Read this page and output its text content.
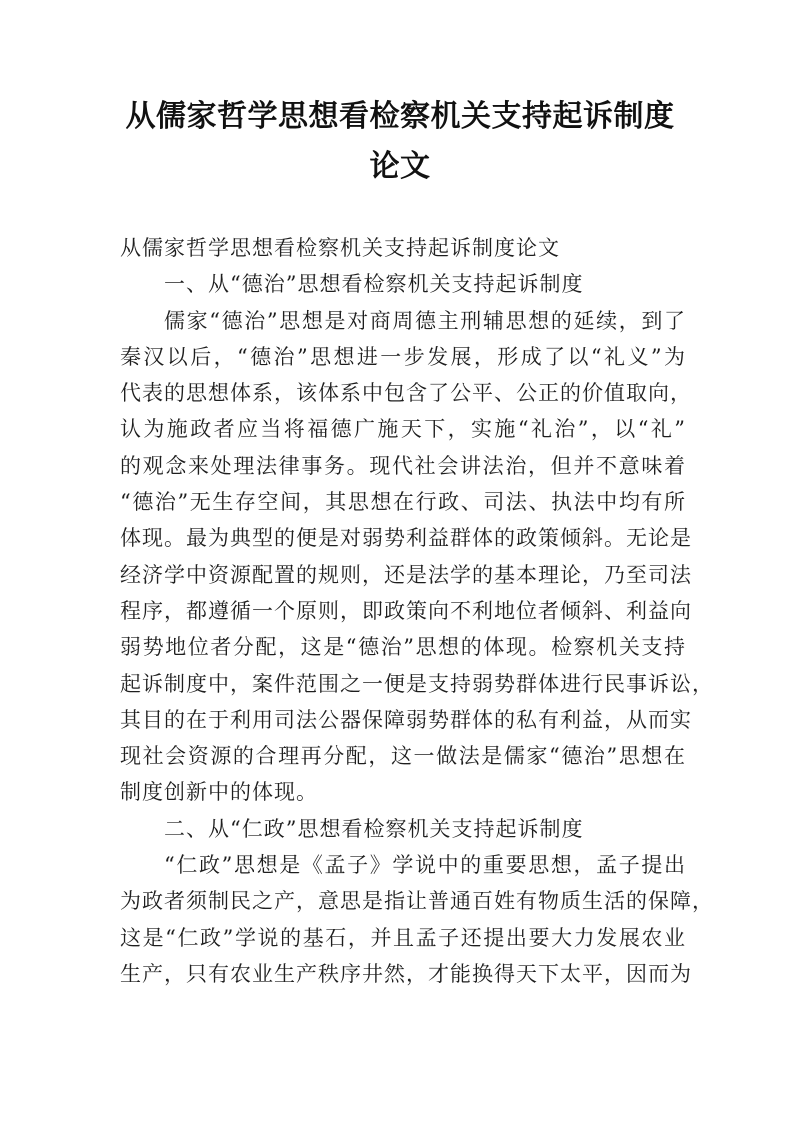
从儒家哲学思想看检察机关支持起诉制度
论文

从儒家哲学思想看检察机关支持起诉制度论文

一、从“德治”思想看检察机关支持起诉制度

儒家“德治”思想是对商周德主刑辅思想的延续，到了
秦汉以后，“德治”思想进一步发展，形成了以“礼义”为
代表的思想体系，该体系中包含了公平、公正的价值取向，
认为施政者应当将福德广施天下，实施“礼治”，以“礼”
的观念来处理法律事务。现代社会讲法治，但并不意味着
“德治”无生存空间，其思想在行政、司法、执法中均有所
体现。最为典型的便是对弱势利益群体的政策倾斜。无论是
经济学中资源配置的规则，还是法学的基本理论，乃至司法
程序，都遵循一个原则，即政策向不利地位者倾斜、利益向
弱势地位者分配，这是“德治”思想的体现。检察机关支持
起诉制度中，案件范围之一便是支持弱势群体进行民事诉讼，
其目的在于利用司法公器保障弱势群体的私有利益，从而实
现社会资源的合理再分配，这一做法是儒家“德治”思想在
制度创新中的体现。

二、从“仁政”思想看检察机关支持起诉制度

“仁政”思想是《孟子》学说中的重要思想，孟子提出
为政者须制民之产，意思是指让普通百姓有物质生活的保障，
这是“仁政”学说的基石，并且孟子还提出要大力发展农业
生产，只有农业生产秩序井然，才能换得天下太平，因而为
